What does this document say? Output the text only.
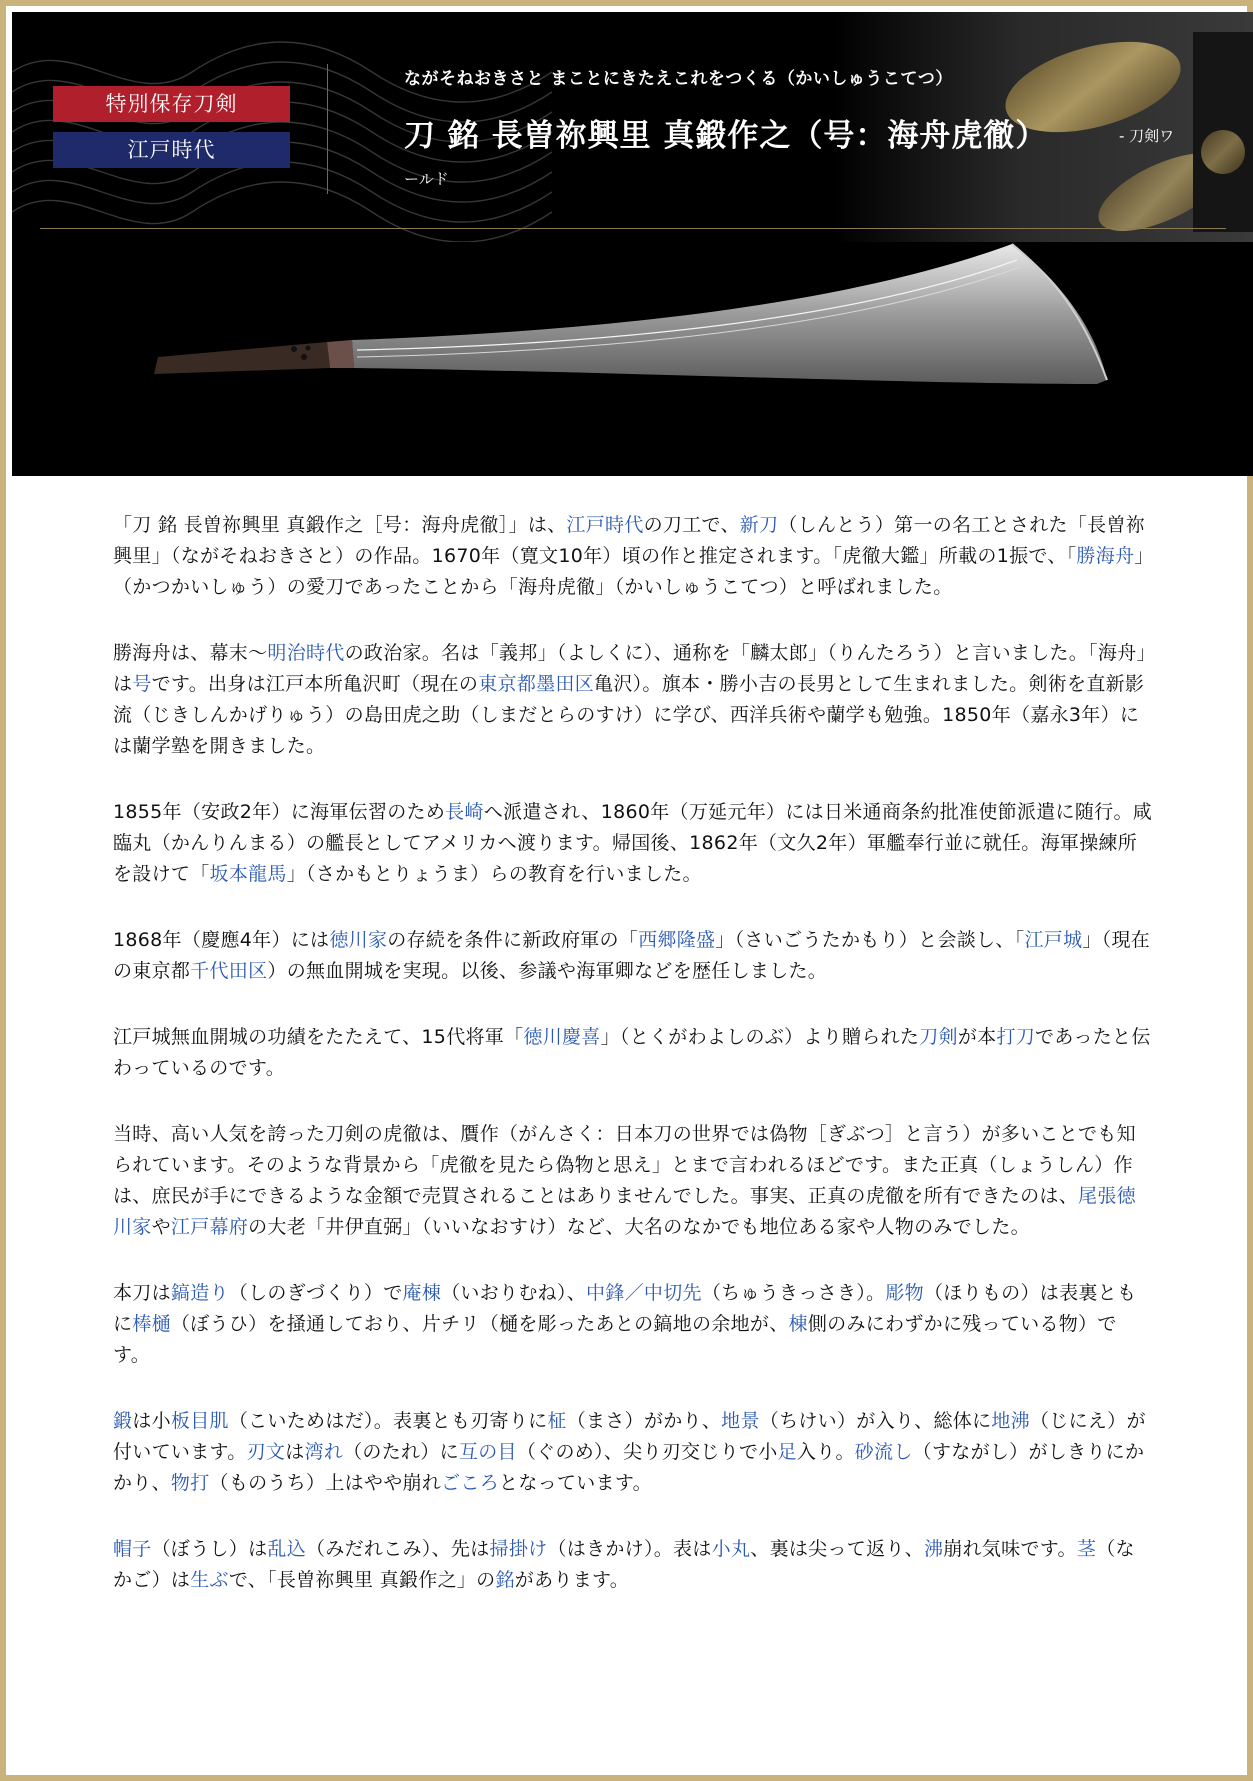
特別保存刀剣
江戸時代
ながそねおきさと まことにきたえこれをつくる（かいしゅうこてつ）
刀 銘 長曽祢興里 真鍛作之（号：海舟虎徹）	- 刀剣ワ
ールド

「刀 銘 長曽祢興里 真鍛作之［号：海舟虎徹］」は、江戸時代の刀工で、新刀（しんとう）第一の名工とされた「長曽祢興里」（ながそねおきさと）の作品。1670年（寛文10年）頃の作と推定されます。「虎徹大鑑」所載の1振で、「勝海舟」（かつかいしゅう）の愛刀であったことから「海舟虎徹」（かいしゅうこてつ）と呼ばれました。

勝海舟は、幕末～明治時代の政治家。名は「義邦」（よしくに）、通称を「麟太郎」（りんたろう）と言いました。「海舟」は号です。出身は江戸本所亀沢町（現在の東京都墨田区亀沢）。旗本・勝小吉の長男として生まれました。剣術を直新影流（じきしんかげりゅう）の島田虎之助（しまだとらのすけ）に学び、西洋兵術や蘭学も勉強。1850年（嘉永3年）には蘭学塾を開きました。

1855年（安政2年）に海軍伝習のため長崎へ派遣され、1860年（万延元年）には日米通商条約批准使節派遣に随行。咸臨丸（かんりんまる）の艦長としてアメリカへ渡ります。帰国後、1862年（文久2年）軍艦奉行並に就任。海軍操練所を設けて「坂本龍馬」（さかもとりょうま）らの教育を行いました。

1868年（慶應4年）には徳川家の存続を条件に新政府軍の「西郷隆盛」（さいごうたかもり）と会談し、「江戸城」（現在の東京都千代田区）の無血開城を実現。以後、参議や海軍卿などを歴任しました。

江戸城無血開城の功績をたたえて、15代将軍「徳川慶喜」（とくがわよしのぶ）より贈られた刀剣が本打刀であったと伝わっているのです。

当時、高い人気を誇った刀剣の虎徹は、贋作（がんさく：日本刀の世界では偽物［ぎぶつ］と言う）が多いことでも知られています。そのような背景から「虎徹を見たら偽物と思え」とまで言われるほどです。また正真（しょうしん）作は、庶民が手にできるような金額で売買されることはありませんでした。事実、正真の虎徹を所有できたのは、尾張徳川家や江戸幕府の大老「井伊直弼」（いいなおすけ）など、大名のなかでも地位ある家や人物のみでした。

本刀は鎬造り（しのぎづくり）で庵棟（いおりむね）、中鋒／中切先（ちゅうきっさき）。彫物（ほりもの）は表裏ともに棒樋（ぼうひ）を掻通しており、片チリ（樋を彫ったあとの鎬地の余地が、棟側のみにわずかに残っている物）です。

鍛は小板目肌（こいためはだ）。表裏とも刃寄りに柾（まさ）がかり、地景（ちけい）が入り、総体に地沸（じにえ）が付いています。刃文は湾れ（のたれ）に互の目（ぐのめ）、尖り刃交じりで小足入り。砂流し（すながし）がしきりにかかり、物打（ものうち）上はやや崩れごころとなっています。

帽子（ぼうし）は乱込（みだれこみ）、先は掃掛け（はきかけ）。表は小丸、裏は尖って返り、沸崩れ気味です。茎（なかご）は生ぶで、「長曽祢興里 真鍛作之」の銘があります。
